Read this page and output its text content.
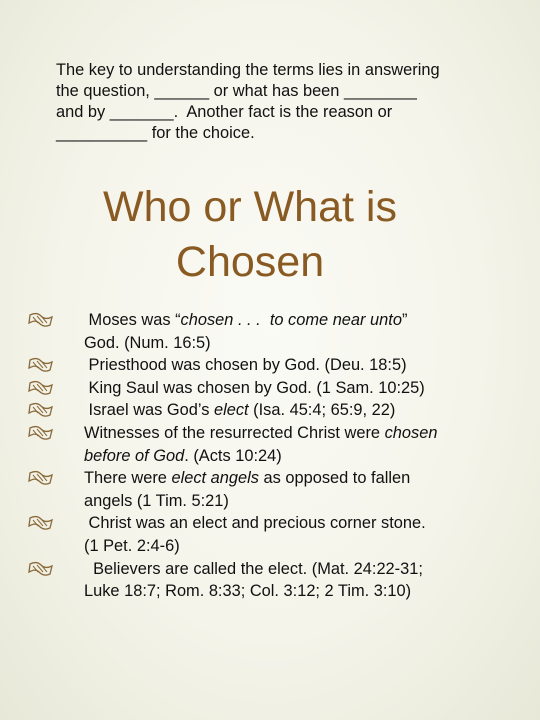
The key to understanding the terms lies in answering
the question, ______ or what has been ________
and by _______.  Another fact is the reason or
__________ for the choice.
Who or What is
Chosen
Moses was “chosen . . .  to come near unto”
God. (Num. 16:5)
Priesthood was chosen by God. (Deu. 18:5)
King Saul was chosen by God. (1 Sam. 10:25)
Israel was God’s elect (Isa. 45:4; 65:9, 22)
Witnesses of the resurrected Christ were chosen
before of God. (Acts 10:24)
There were elect angels as opposed to fallen
angels (1 Tim. 5:21)
Christ was an elect and precious corner stone.
(1 Pet. 2:4-6)
Believers are called the elect. (Mat. 24:22-31;
Luke 18:7; Rom. 8:33; Col. 3:12; 2 Tim. 3:10)
